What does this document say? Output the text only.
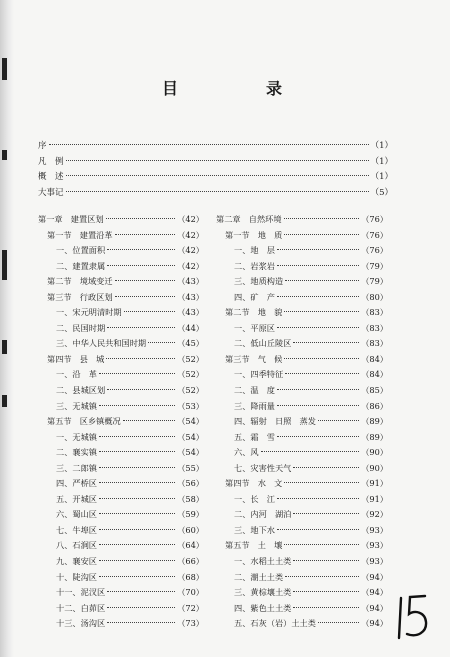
目　录
序	（1）
凡　例	（1）
概　述	（1）
大事记	（5）
第一章　建置区划	（42）
第一节　建置沿革	（42）
一、位置面积	（42）
二、建置隶属	（42）
第二节　境域变迁	（43）
第三节　行政区划	（43）
一、宋元明清时期	（43）
二、民国时期	（44）
三、中华人民共和国时期	（45）
第四节　县　城	（52）
一、沿　革	（52）
二、县城区划	（52）
三、无城镇	（53）
第五节　区乡镇概况	（54）
一、无城镇	（54）
二、襄实镇	（54）
三、二郎镇	（55）
四、严桥区	（56）
五、开城区	（58）
六、蜀山区	（59）
七、牛埠区	（60）
八、石涧区	（64）
九、襄安区	（66）
十、陡沟区	（68）
十一、泥汊区	（70）
十二、白茆区	（72）
十三、汤沟区	（73）
第二章　自然环境	（76）
第一节　地　质	（76）
一、地　层	（76）
二、岩浆岩	（79）
三、地质构造	（79）
四、矿　产	（80）
第二节　地　貌	（83）
一、平原区	（83）
二、低山丘陵区	（83）
第三节　气　候	（84）
一、四季特征	（84）
二、温　度	（85）
三、降雨量	（86）
四、辐射　日照　蒸发	（89）
五、霜　雪	（89）
六、风	（90）
七、灾害性天气	（90）
第四节　水　文	（91）
一、长　江	（91）
二、内河　湖泊	（92）
三、地下水	（93）
第五节　土　壤	（93）
一、水稻土土类	（93）
二、潮土土类	（94）
三、黄棕壤土类	（94）
四、紫色土土类	（94）
五、石灰（岩）土土类	（94）
